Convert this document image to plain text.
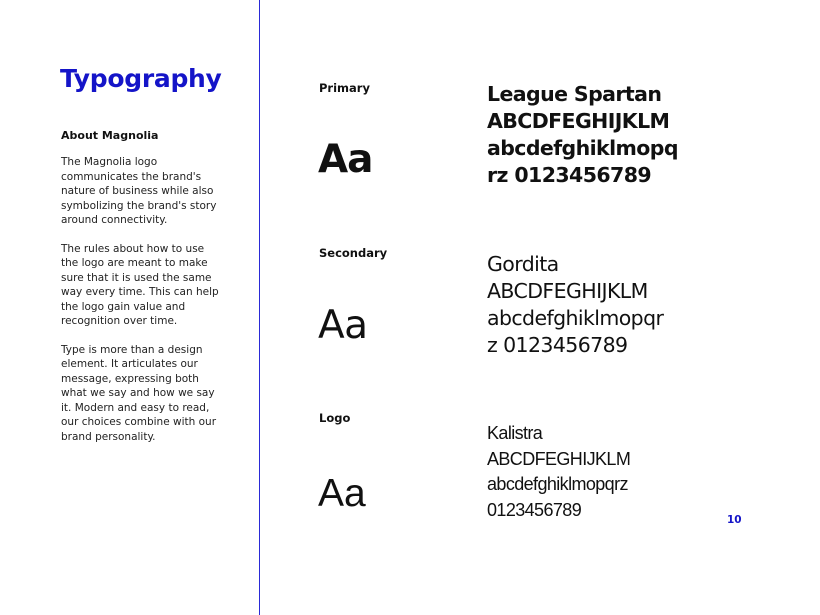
Typography
About Magnolia

The Magnolia logo communicates the brand's nature of business while also symbolizing the brand's story around connectivity.

The rules about how to use the logo are meant to make sure that it is used the same way every time. This can help the logo gain value and recognition over time.

Type is more than a design element. It articulates our message, expressing both what we say and how we say it. Modern and easy to read, our choices combine with our brand personality.

Primary
Aa
League Spartan
ABCDFEGHIJKLM
abcdefghiklmopq
rz 0123456789
Secondary
Aa
Gordita
ABCDFEGHIJKLM
abcdefghiklmopqr
z 0123456789
Logo
Aa
Kalistra
ABCDFEGHIJKLM
abcdefghiklmopqrz
0123456789
10
